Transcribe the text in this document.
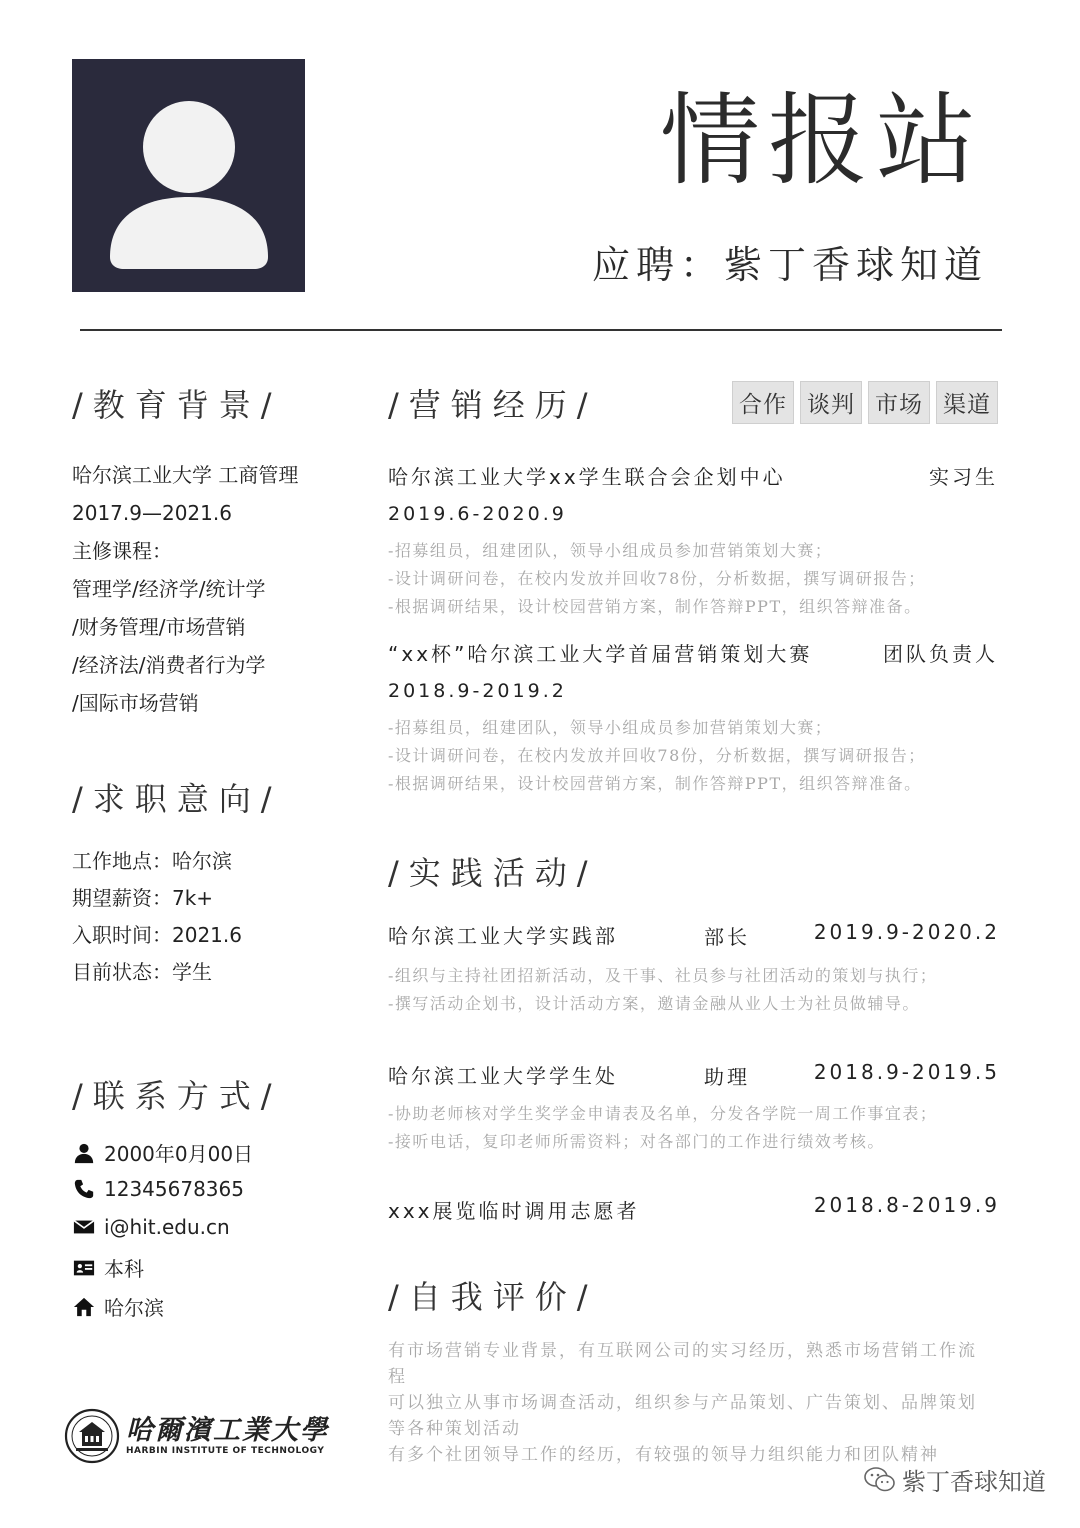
情报站
应聘：紫丁香球知道
/教育背景/
哈尔滨工业大学 工商管理
2017.9—2021.6
主修课程：
管理学/经济学/统计学
/财务管理/市场营销
/经济法/消费者行为学
/国际市场营销
/求职意向/
工作地点：哈尔滨
期望薪资：7k+
入职时间：2021.6
目前状态：学生
/联系方式/
2000年0月00日
12345678365
i@hit.edu.cn
本科
哈尔滨
哈爾濱工業大學
HARBIN INSTITUTE OF TECHNOLOGY
/营销经历/	合作 谈判 市场 渠道
哈尔滨工业大学xx学生联合会企划中心	实习生
2019.6-2020.9
-招募组员，组建团队，领导小组成员参加营销策划大赛；
-设计调研问卷，在校内发放并回收78份，分析数据，撰写调研报告；
-根据调研结果，设计校园营销方案，制作答辩PPT，组织答辩准备。
“xx杯”哈尔滨工业大学首届营销策划大赛	团队负责人
2018.9-2019.2
-招募组员，组建团队，领导小组成员参加营销策划大赛；
-设计调研问卷，在校内发放并回收78份，分析数据，撰写调研报告；
-根据调研结果，设计校园营销方案，制作答辩PPT，组织答辩准备。
/实践活动/
哈尔滨工业大学实践部	部长	2019.9-2020.2
-组织与主持社团招新活动，及干事、社员参与社团活动的策划与执行；
-撰写活动企划书，设计活动方案，邀请金融从业人士为社员做辅导。
哈尔滨工业大学学生处	助理	2018.9-2019.5
-协助老师核对学生奖学金申请表及名单，分发各学院一周工作事宜表；
-接听电话，复印老师所需资料；对各部门的工作进行绩效考核。
xxx展览临时调用志愿者	2018.8-2019.9
/自我评价/
有市场营销专业背景，有互联网公司的实习经历，熟悉市场营销工作流程
可以独立从事市场调查活动，组织参与产品策划、广告策划、品牌策划等各种策划活动
有多个社团领导工作的经历，有较强的领导力组织能力和团队精神
紫丁香球知道
